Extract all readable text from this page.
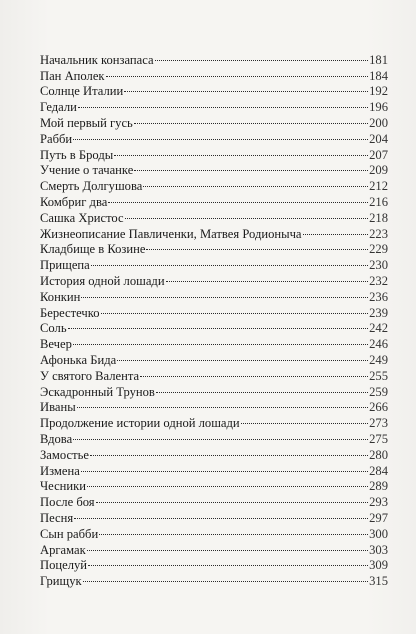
Начальник конзапаса	181
Пан Аполек	184
Солнце Италии	192
Гедали	196
Мой первый гусь	200
Рабби	204
Путь в Броды	207
Учение о тачанке	209
Смерть Долгушова	212
Комбриг два	216
Сашка Христос	218
Жизнеописание Павличенки, Матвея Родионыча	223
Кладбище в Козине	229
Прищепа	230
История одной лошади	232
Конкин	236
Берестечко	239
Соль	242
Вечер	246
Афонька Бида	249
У святого Валента	255
Эскадронный Трунов	259
Иваны	266
Продолжение истории одной лошади	273
Вдова	275
Замостье	280
Измена	284
Чесники	289
После боя	293
Песня	297
Сын рабби	300
Аргамак	303
Поцелуй	309
Грищук	315
